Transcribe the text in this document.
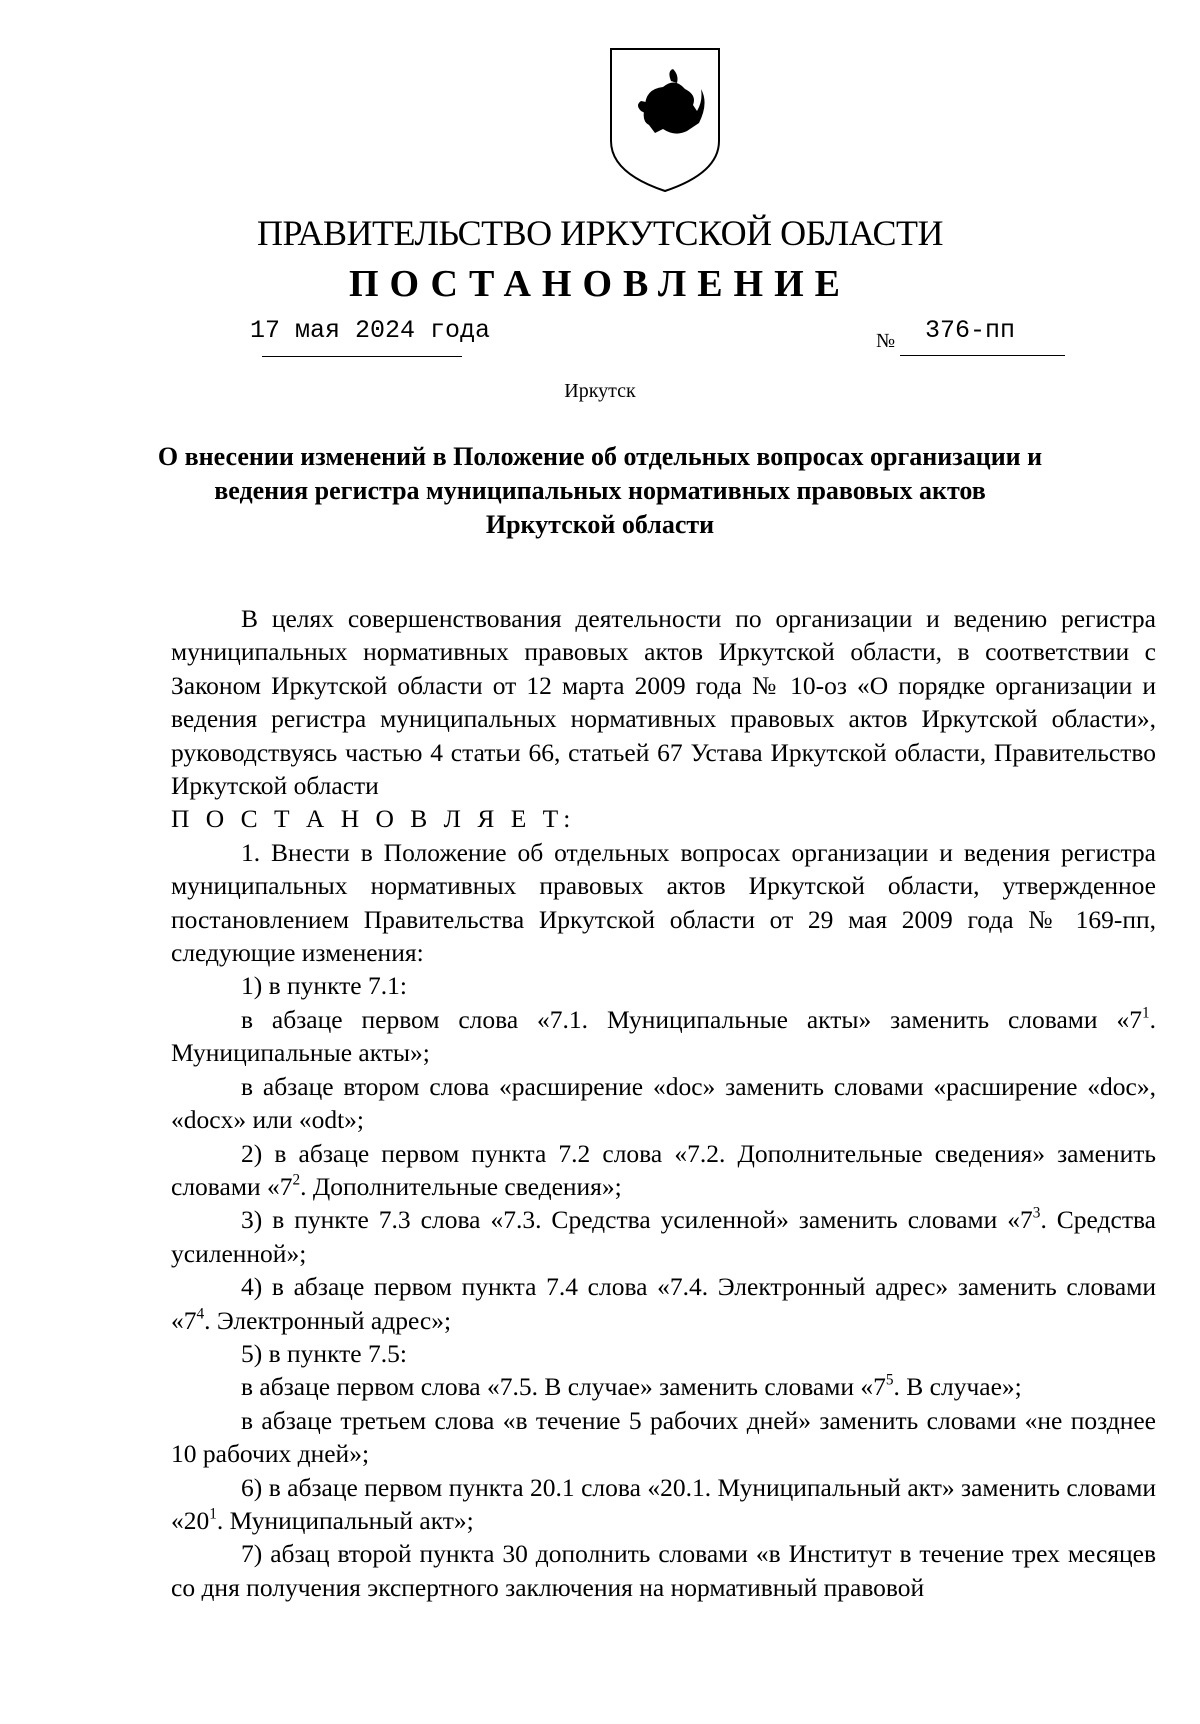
ПРАВИТЕЛЬСТВО ИРКУТСКОЙ ОБЛАСТИ
ПОСТАНОВЛЕНИЕ
17 мая 2024 года	№ 376-пп
Иркутск
О внесении изменений в Положение об отдельных вопросах организации и
ведения регистра муниципальных нормативных правовых актов
Иркутской области

В целях совершенствования деятельности по организации и ведению регистра муниципальных нормативных правовых актов Иркутской области, в соответствии с Законом Иркутской области от 12 марта 2009 года № 10-оз «О порядке организации и ведения регистра муниципальных нормативных правовых актов Иркутской области», руководствуясь частью 4 статьи 66, статьей 67 Устава Иркутской области, Правительство Иркутской области

П О С Т А Н О В Л Я Е Т:

1. Внести в Положение об отдельных вопросах организации и ведения регистра муниципальных нормативных правовых актов Иркутской области, утвержденное постановлением Правительства Иркутской области от 29 мая 2009 года № 169-пп, следующие изменения:

1) в пункте 7.1:

в абзаце первом слова «7.1. Муниципальные акты» заменить словами «$7^1$. Муниципальные акты»;

в абзаце втором слова «расширение «doc» заменить словами «расширение «doc», «docx» или «odt»;

2) в абзаце первом пункта 7.2 слова «7.2. Дополнительные сведения» заменить словами «$7^2$. Дополнительные сведения»;

3) в пункте 7.3 слова «7.3. Средства усиленной» заменить словами «$7^3$. Средства усиленной»;

4) в абзаце первом пункта 7.4 слова «7.4. Электронный адрес» заменить словами «$7^4$. Электронный адрес»;

5) в пункте 7.5:

в абзаце первом слова «7.5. В случае» заменить словами «$7^5$. В случае»;

в абзаце третьем слова «в течение 5 рабочих дней» заменить словами «не позднее 10 рабочих дней»;

6) в абзаце первом пункта 20.1 слова «20.1. Муниципальный акт» заменить словами «$20^1$. Муниципальный акт»;

7) абзац второй пункта 30 дополнить словами «в Институт в течение трех месяцев со дня получения экспертного заключения на нормативный правовой
